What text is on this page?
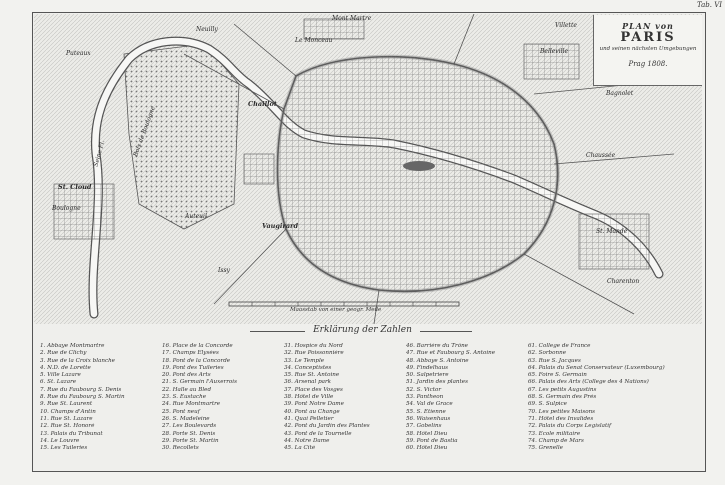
Tab. VI
Chaillot
Neuilly
Vaugirard
Mont Martre
Belleville
Villette
Boulogne
Auteuil
St. Cloud
Charenton
St. Mandé
Issy
Chaussée
Le Monceau
Bagnolet
Seine Fl.	Bois de Boulogne
Puteaux
Maasstab von einer geogr. Meile
PLAN von
PARIS
und seinen nächsten Umgebungen
Prag 1808.
Erklärung der Zahlen
1. Abbaye Montmartre
2. Rue de Clichy
3. Rue de la Croix blanche
4. N.D. de Lorette
5. Ville Lazare
6. St. Lazare
7. Rue du Faubourg S. Denis
8. Rue du Faubourg S. Martin
9. Rue St. Laurent
10. Champs d'Antin
11. Rue St. Lazare
12. Rue St. Honoré
13. Palais du Tribunat
14. Le Louvre
15. Les Tuileries
16. Place de la Concorde
17. Champs Elysées
18. Pont de la Concorde
19. Pont des Tuileries
20. Pont des Arts
21. S. Germain l'Auxerrois
22. Halle au Bled
23. S. Eustache
24. Rue Montmartre
25. Pont neuf
26. S. Madeleine
27. Les Boulevards
28. Porte St. Denis
29. Porte St. Martin
30. Recollets
31. Hospice du Nord
32. Rue Poissonnière
33. Le Temple
34. Conceptistes
35. Rue St. Antoine
36. Arsenal park
37. Place des Vosges
38. Hôtel de Ville
39. Pont Notre Dame
40. Pont au Change
41. Quai Pelletier
42. Pont du Jardin des Plantes
43. Pont de la Tournelle
44. Notre Dame
45. La Cité
46. Barrière du Trône
47. Rue et Faubourg S. Antoine
48. Abbaye S. Antoine
49. Findelhaus
50. Salpetriere
51. Jardin des plantes
52. S. Victor
53. Pantheon
54. Val de Grace
55. S. Etienne
56. Waisenhaus
57. Gobelins
58. Hôtel Dieu
59. Pont de Bastia
60. Hôtel Dieu
61. College de France
62. Sorbonne
63. Rue S. Jacques
64. Palais du Senat Conservateur (Luxembourg)
65. Foire S. Germain
66. Palais des Arts (College des 4 Nations)
67. Les petits Augustins
68. S. Germain des Prés
69. S. Sulpice
70. Les petites Maisons
71. Hôtel des Invalides
72. Palais du Corps Legislatif
73. Ecole militaire
74. Champ de Mars
75. Grenelle
